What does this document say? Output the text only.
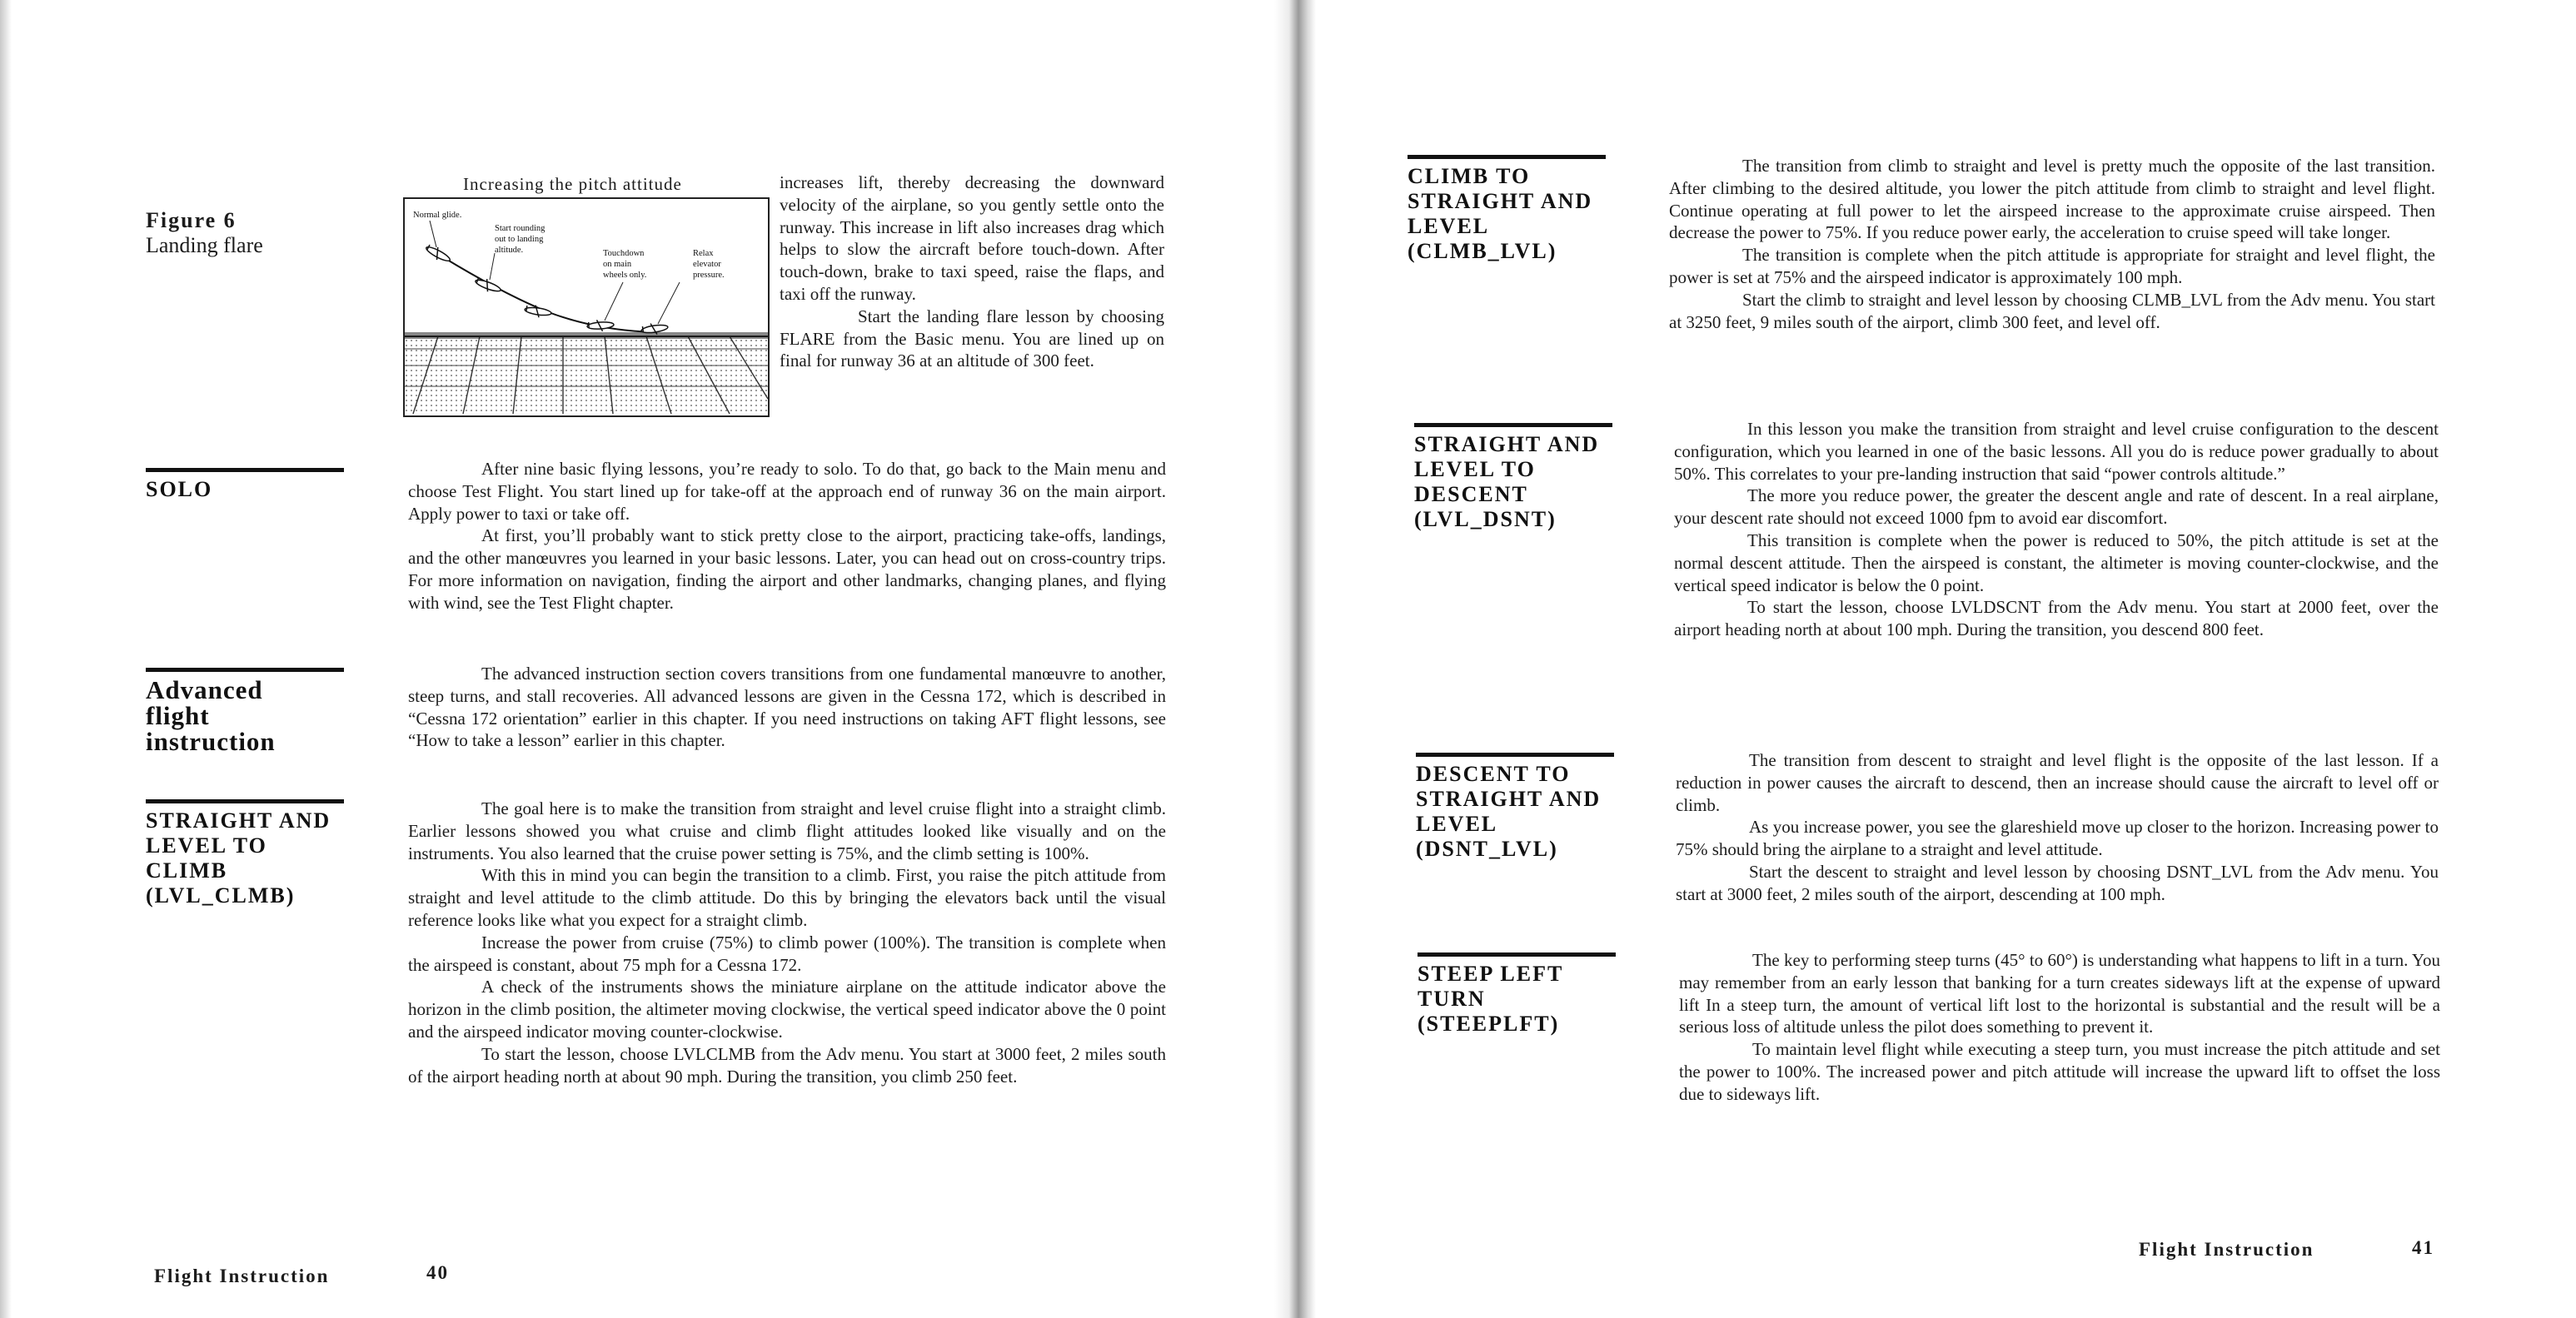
Figure 6
Landing flare

Increasing the pitch attitude

Normal glide.
Start rounding
out to landing
altitude.	Touchdown
on main
wheels only.
Relax
elevator
pressure.

increases lift, thereby decreasing the downward velocity of the airplane, so you gently settle onto the runway. This increase in lift also increases drag which helps to slow the aircraft before touch-down. After touch-down, brake to taxi speed, raise the flaps, and taxi off the runway.

Start the landing flare lesson by choosing FLARE from the Basic menu. You are lined up on final for runway 36 at an altitude of 300 feet.

SOLO

After nine basic flying lessons, you’re ready to solo. To do that, go back to the Main menu and choose Test Flight. You start lined up for take-off at the approach end of runway 36 on the main airport. Apply power to taxi or take off.

At first, you’ll probably want to stick pretty close to the airport, practicing take-offs, landings, and the other manœuvres you learned in your basic lessons. Later, you can head out on cross-country trips. For more information on navigation, finding the airport and other landmarks, changing planes, and flying with wind, see the Test Flight chapter.

Advanced
flight
instruction

The advanced instruction section covers transitions from one fundamental manœuvre to another, steep turns, and stall recoveries. All advanced lessons are given in the Cessna 172, which is described in “Cessna 172 orientation” earlier in this chapter. If you need instructions on taking AFT flight lessons, see “How to take a lesson” earlier in this chapter.

STRAIGHT AND
LEVEL TO
CLIMB
(LVL_CLMB)

The goal here is to make the transition from straight and level cruise flight into a straight climb. Earlier lessons showed you what cruise and climb flight attitudes looked like visually and on the instruments. You also learned that the cruise power setting is 75%, and the climb setting is 100%.

With this in mind you can begin the transition to a climb. First, you raise the pitch attitude from straight and level attitude to the climb attitude. Do this by bringing the elevators back until the visual reference looks like what you expect for a straight climb.

Increase the power from cruise (75%) to climb power (100%). The transition is complete when the airspeed is constant, about 75 mph for a Cessna 172.

A check of the instruments shows the miniature airplane on the attitude indicator above the horizon in the climb position, the altimeter moving clockwise, the vertical speed indicator above the 0 point and the airspeed indicator moving counter-clockwise.

To start the lesson, choose LVLCLMB from the Adv menu. You start at 3000 feet, 2 miles south of the airport heading north at about 90 mph. During the transition, you climb 250 feet.

Flight Instruction	40
CLIMB TO
STRAIGHT AND
LEVEL
(CLMB_LVL)

The transition from climb to straight and level is pretty much the opposite of the last transition. After climbing to the desired altitude, you lower the pitch attitude from climb to straight and level flight. Continue operating at full power to let the airspeed increase to the approximate cruise airspeed. Then decrease the power to 75%. If you reduce power early, the acceleration to cruise speed will take longer.

The transition is complete when the pitch attitude is appropriate for straight and level flight, the power is set at 75% and the airspeed indicator is approximately 100 mph.

Start the climb to straight and level lesson by choosing CLMB_LVL from the Adv menu. You start at 3250 feet, 9 miles south of the airport, climb 300 feet, and level off.

STRAIGHT AND
LEVEL TO
DESCENT
(LVL_DSNT)

In this lesson you make the transition from straight and level cruise configuration to the descent configuration, which you learned in one of the basic lessons. All you do is reduce power gradually to about 50%. This correlates to your pre-landing instruction that said “power controls altitude.”

The more you reduce power, the greater the descent angle and rate of descent. In a real airplane, your descent rate should not exceed 1000 fpm to avoid ear discomfort.

This transition is complete when the power is reduced to 50%, the pitch attitude is set at the normal descent attitude. Then the airspeed is constant, the altimeter is moving counter-clockwise, and the vertical speed indicator is below the 0 point.

To start the lesson, choose LVLDSCNT from the Adv menu. You start at 2000 feet, over the airport heading north at about 100 mph. During the transition, you descend 800 feet.

DESCENT TO
STRAIGHT AND
LEVEL
(DSNT_LVL)

The transition from descent to straight and level flight is the opposite of the last lesson. If a reduction in power causes the aircraft to descend, then an increase should cause the aircraft to level off or climb.

As you increase power, you see the glareshield move up closer to the horizon. Increasing power to 75% should bring the airplane to a straight and level attitude.

Start the descent to straight and level lesson by choosing DSNT_LVL from the Adv menu. You start at 3000 feet, 2 miles south of the airport, descending at 100 mph.

STEEP LEFT
TURN
(STEEPLFT)

The key to performing steep turns (45° to 60°) is understanding what happens to lift in a turn. You may remember from an early lesson that banking for a turn creates sideways lift at the expense of upward lift In a steep turn, the amount of vertical lift lost to the horizontal is substantial and the result will be a serious loss of altitude unless the pilot does something to prevent it.

To maintain level flight while executing a steep turn, you must increase the pitch attitude and set the power to 100%. The increased power and pitch attitude will increase the upward lift to offset the loss due to sideways lift.

Flight Instruction	41
